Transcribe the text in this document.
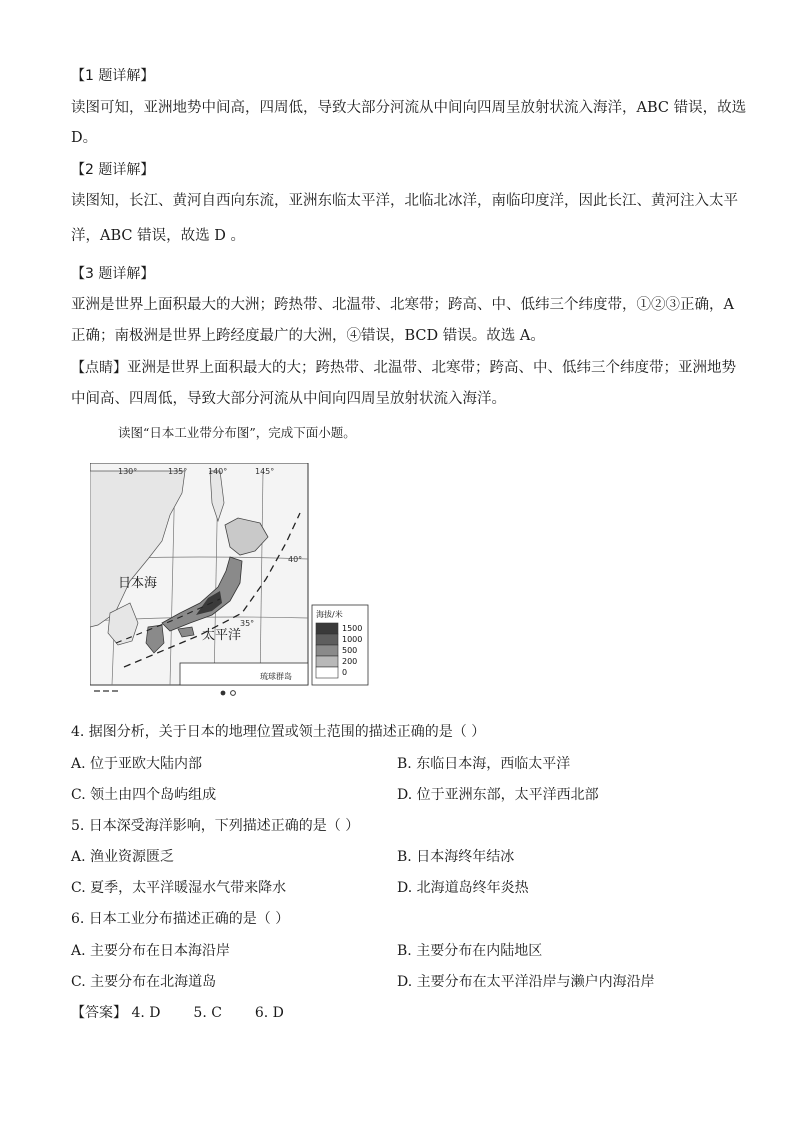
【1 题详解】
读图可知，亚洲地势中间高，四周低，导致大部分河流从中间向四周呈放射状流入海洋，ABC 错误，故选
D。
【2 题详解】
读图知，长江、黄河自西向东流，亚洲东临太平洋，北临北冰洋，南临印度洋，因此长江、黄河注入太平
洋，ABC 错误，故选 D 。
【3 题详解】
亚洲是世界上面积最大的大洲；跨热带、北温带、北寒带；跨高、中、低纬三个纬度带，①②③正确，A
正确；南极洲是世界上跨经度最广的大洲，④错误，BCD 错误。故选 A。
【点睛】亚洲是世界上面积最大的大；跨热带、北温带、北寒带；跨高、中、低纬三个纬度带；亚洲地势
中间高、四周低，导致大部分河流从中间向四周呈放射状流入海洋。
读图“日本工业带分布图”，完成下面小题。
130°	135°	140°	145°
40°
35°
日本海
太平洋
琉球群岛
海拔/米
1500
1000
500
200
0
4. 据图分析，关于日本的地理位置或领土范围的描述正确的是（ ）
A. 位于亚欧大陆内部	B. 东临日本海，西临太平洋
C. 领土由四个岛屿组成	D. 位于亚洲东部，太平洋西北部
5. 日本深受海洋影响，下列描述正确的是（ ）
A. 渔业资源匮乏	B. 日本海终年结冰
C. 夏季，太平洋暖湿水气带来降水	D. 北海道岛终年炎热
6. 日本工业分布描述正确的是（ ）
A. 主要分布在日本海沿岸	B. 主要分布在内陆地区
C. 主要分布在北海道岛	D. 主要分布在太平洋沿岸与濑户内海沿岸
【答案】 4. D 5. C 6. D
